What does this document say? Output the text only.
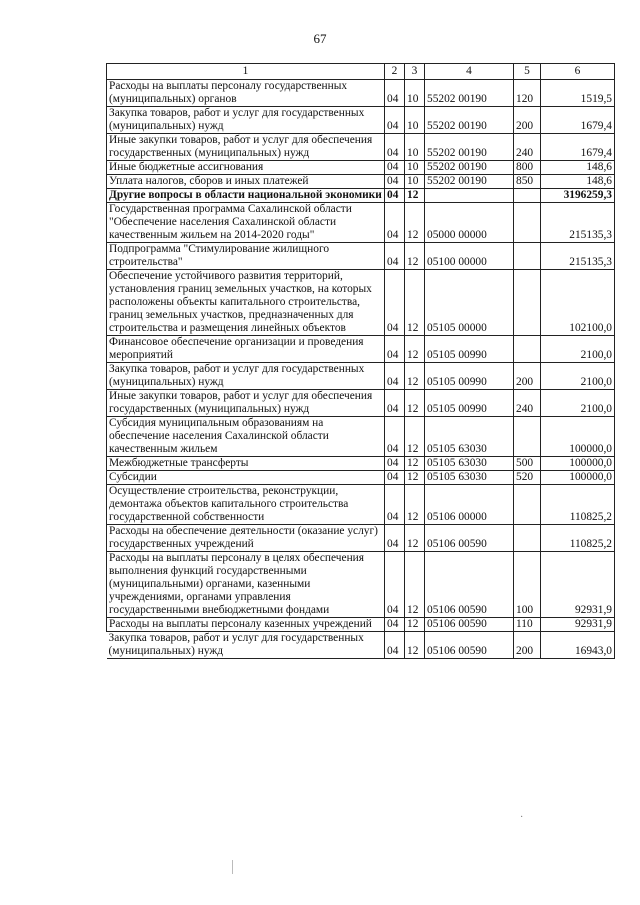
67
1	2	3	4	5	6
Расходы на выплаты персоналу государственных (муниципальных) органов	04	10	55202 00190	120	1519,5
Закупка товаров, работ и услуг для государственных (муниципальных) нужд	04	10	55202 00190	200	1679,4
Иные закупки товаров, работ и услуг для обеспечения государственных (муниципальных) нужд	04	10	55202 00190	240	1679,4
Иные бюджетные ассигнования	04	10	55202 00190	800	148,6
Уплата налогов, сборов и иных платежей	04	10	55202 00190	850	148,6
Другие вопросы в области национальной экономики	04	12			3196259,3
Государственная программа Сахалинской области "Обеспечение населения Сахалинской области качественным жильем на 2014-2020 годы"	04	12	05000 00000		215135,3
Подпрограмма "Стимулирование жилищного строительства"	04	12	05100 00000		215135,3
Обеспечение устойчивого развития территорий, установления границ земельных участков, на которых расположены объекты капитального строительства, границ земельных участков, предназначенных для строительства и размещения линейных объектов	04	12	05105 00000		102100,0
Финансовое обеспечение организации и проведения мероприятий	04	12	05105 00990		2100,0
Закупка товаров, работ и услуг для государственных (муниципальных) нужд	04	12	05105 00990	200	2100,0
Иные закупки товаров, работ и услуг для обеспечения государственных (муниципальных) нужд	04	12	05105 00990	240	2100,0
Субсидия муниципальным образованиям на обеспечение населения Сахалинской области качественным жильем	04	12	05105 63030		100000,0
Межбюджетные трансферты	04	12	05105 63030	500	100000,0
Субсидии	04	12	05105 63030	520	100000,0
Осуществление строительства, реконструкции, демонтажа объектов капитального строительства государственной собственности	04	12	05106 00000		110825,2
Расходы на обеспечение деятельности (оказание услуг) государственных учреждений	04	12	05106 00590		110825,2
Расходы на выплаты персоналу в целях обеспечения выполнения функций государственными (муниципальными) органами, казенными учреждениями, органами управления государственными внебюджетными фондами	04	12	05106 00590	100	92931,9
Расходы на выплаты персоналу казенных учреждений	04	12	05106 00590	110	92931,9
Закупка товаров, работ и услуг для государственных (муниципальных) нужд	04	12	05106 00590	200	16943,0
·
